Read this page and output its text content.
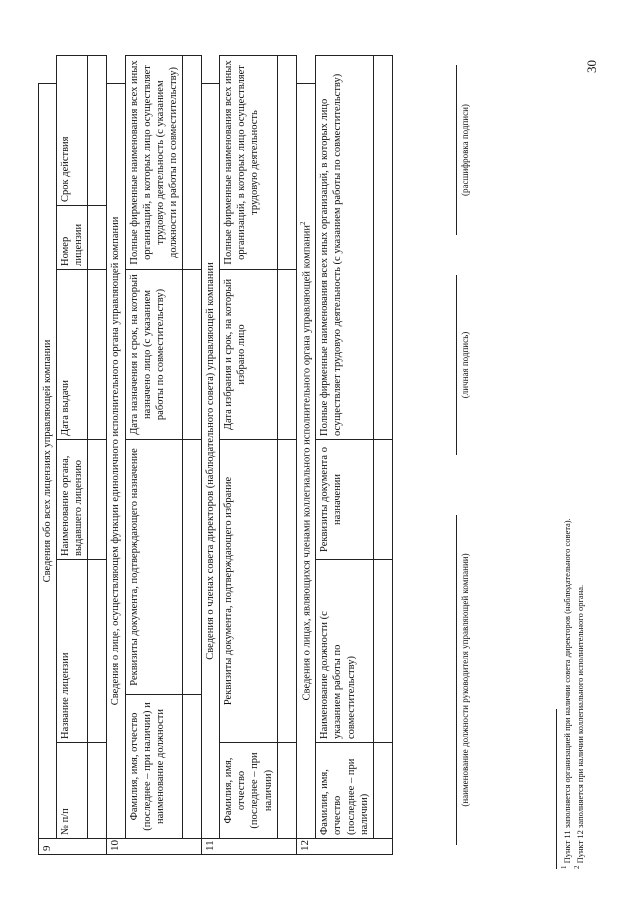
9	Сведения обо всех лицензиях управляющей компании						
	№ п/п	Название лицензии		Наименование органа, выдавшего лицензию	Дата выдачи	Номер лицензии	Срок действия

10	Сведения о лице, осуществляющем функции единоличного исполнительного органа управляющей компании						
	Фамилия, имя, отчество (последнее – при наличии) и наименование должности		Реквизиты документа, подтверждающего назначение		Дата назначения и срок, на который назначено лицо (с указанием работы по совместительству)	Полные фирменные наименования всех иных организаций, в которых лицо осуществляет трудовую деятельность (с указанием должности и работы по совместительству)	

11	Сведения о членах совета директоров (наблюдательного совета) управляющей компании						
	Фамилия, имя, отчество (последнее – при наличии)	Реквизиты документа, подтверждающего избрание			Дата избрания и срок, на который избрано лицо	Полные фирменные наименования всех иных организаций, в которых лицо осуществляет трудовую деятельность	

12	Сведения о лицах, являющихся членами коллегиального исполнительного органа управляющей компании$^2$
	Фамилия, имя, отчество (последнее – при наличии)	Наименование должности (с указанием работы по совместительству)		Реквизиты документа о назначении	Полные фирменные наименования всех иных организаций, в которых лицо осуществляет трудовую деятельность (с указанием работы по совместительству)		

(наименование должности руководителя управляющей компании)
(личная подпись)
(расшифровка подписи)
$^1$ Пункт 11 заполняется организацией при наличии совета директоров (наблюдательного совета).
$^2$ Пункт 12 заполняется при наличии коллегиального исполнительного органа.
30
